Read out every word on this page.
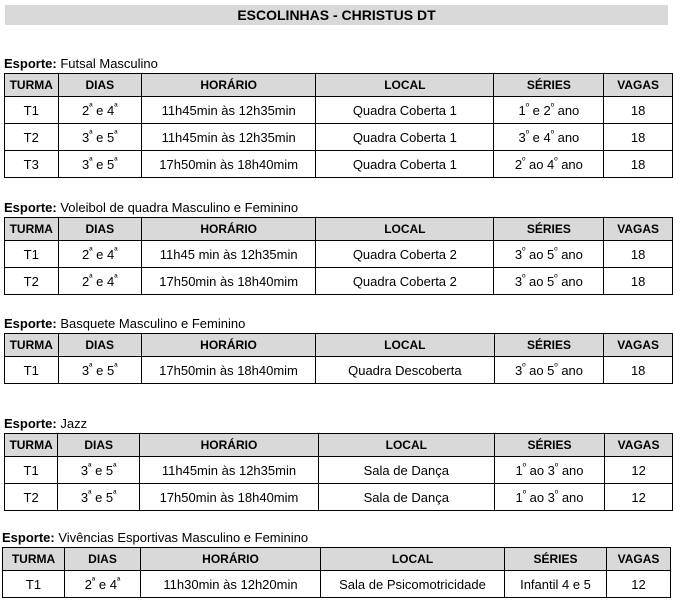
ESCOLINHAS - CHRISTUS DT
Esporte: Futsal Masculino
TURMA	DIAS	HORÁRIO	LOCAL	SÉRIES	VAGAS
T1	$2^ª$ e $4^ª$	11h45min às 12h35min	Quadra Coberta 1	$1^º$ e $2^º$ ano	18
T2	$3^ª$ e $5^ª$	11h45min às 12h35min	Quadra Coberta 1	$3^º$ e $4^º$ ano	18
T3	$3^ª$ e $5^ª$	17h50min às 18h40mim	Quadra Coberta 1	$2^º$ ao $4^º$ ano	18
Esporte: Voleibol de quadra Masculino e Feminino
TURMA	DIAS	HORÁRIO	LOCAL	SÉRIES	VAGAS
T1	$2^ª$ e $4^ª$	11h45 min às 12h35min	Quadra Coberta 2	$3^º$ ao $5^º$ ano	18
T2	$2^ª$ e $4^ª$	17h50min às 18h40mim	Quadra Coberta 2	$3^º$ ao $5^º$ ano	18
Esporte: Basquete Masculino e Feminino
TURMA	DIAS	HORÁRIO	LOCAL	SÉRIES	VAGAS
T1	$3^ª$ e $5^ª$	17h50min às 18h40mim	Quadra Descoberta	$3^º$ ao $5^º$ ano	18
Esporte: Jazz
TURMA	DIAS	HORÁRIO	LOCAL	SÉRIES	VAGAS
T1	$3^ª$ e $5^ª$	11h45min às 12h35min	Sala de Dança	$1^º$ ao $3^º$ ano	12
T2	$3^ª$ e $5^ª$	17h50min às 18h40mim	Sala de Dança	$1^º$ ao $3^º$ ano	12
Esporte: Vivências Esportivas Masculino e Feminino
TURMA	DIAS	HORÁRIO	LOCAL	SÉRIES	VAGAS
T1	$2^ª$ e $4^ª$	11h30min às 12h20min	Sala de Psicomotricidade	Infantil 4 e 5	12
